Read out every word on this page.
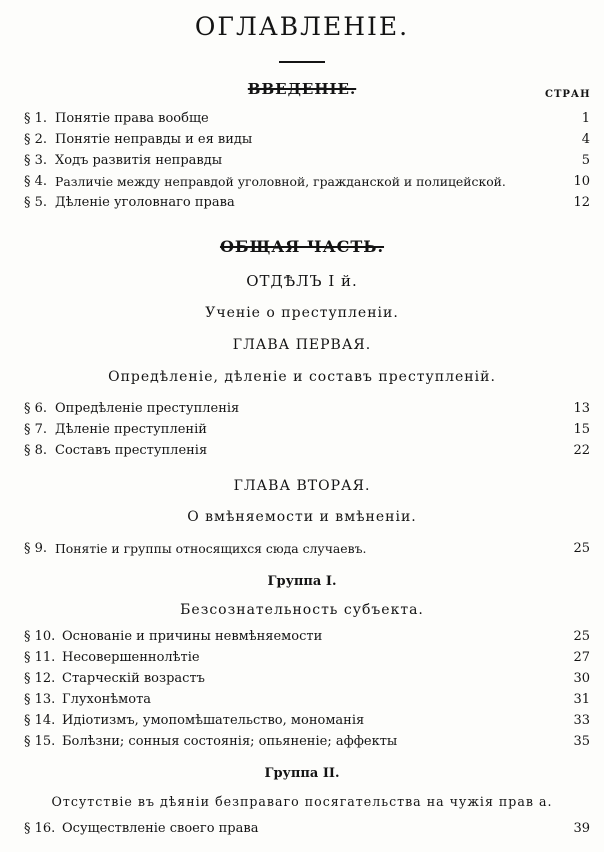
ОГЛАВЛЕНІЕ.
ВВЕДЕНІЕ.	СТРАН
§ 1. Понятіе права вообще	1
§ 2. Понятіе неправды и ея виды	4
§ 3. Ходъ развитія неправды	5
§ 4. Различіе между неправдой уголовной, гражданской и полицейской.	10
§ 5. Дѣленіе уголовнаго права	12
ОБЩАЯ ЧАСТЬ.
ОТДѢЛЪ I й.
Ученіе о преступленіи.
ГЛАВА ПЕРВАЯ.
Опредѣленіе, дѣленіе и составъ преступленій.
§ 6. Опредѣленіе преступленія	13
§ 7. Дѣленіе преступленій	15
§ 8. Составъ преступленія	22
ГЛАВА ВТОРАЯ.
О вмѣняемости и вмѣненіи.
§ 9. Понятіе и группы относящихся сюда случаевъ.	25
Группа I.
Безсознательность субъекта.
§ 10. Основаніе и причины невмѣняемости	25
§ 11. Несовершеннолѣтіе	27
§ 12. Старческій возрастъ	30
§ 13. Глухонѣмота	31
§ 14. Идіотизмъ, умопомѣшательство, мономанія	33
§ 15. Болѣзни; сонныя состоянія; опьяненіе; аффекты	35
Группа II.
Отсутствіе въ дѣяніи безправаго посягательства на чужія прав а.
§ 16. Осуществленіе своего права	39
